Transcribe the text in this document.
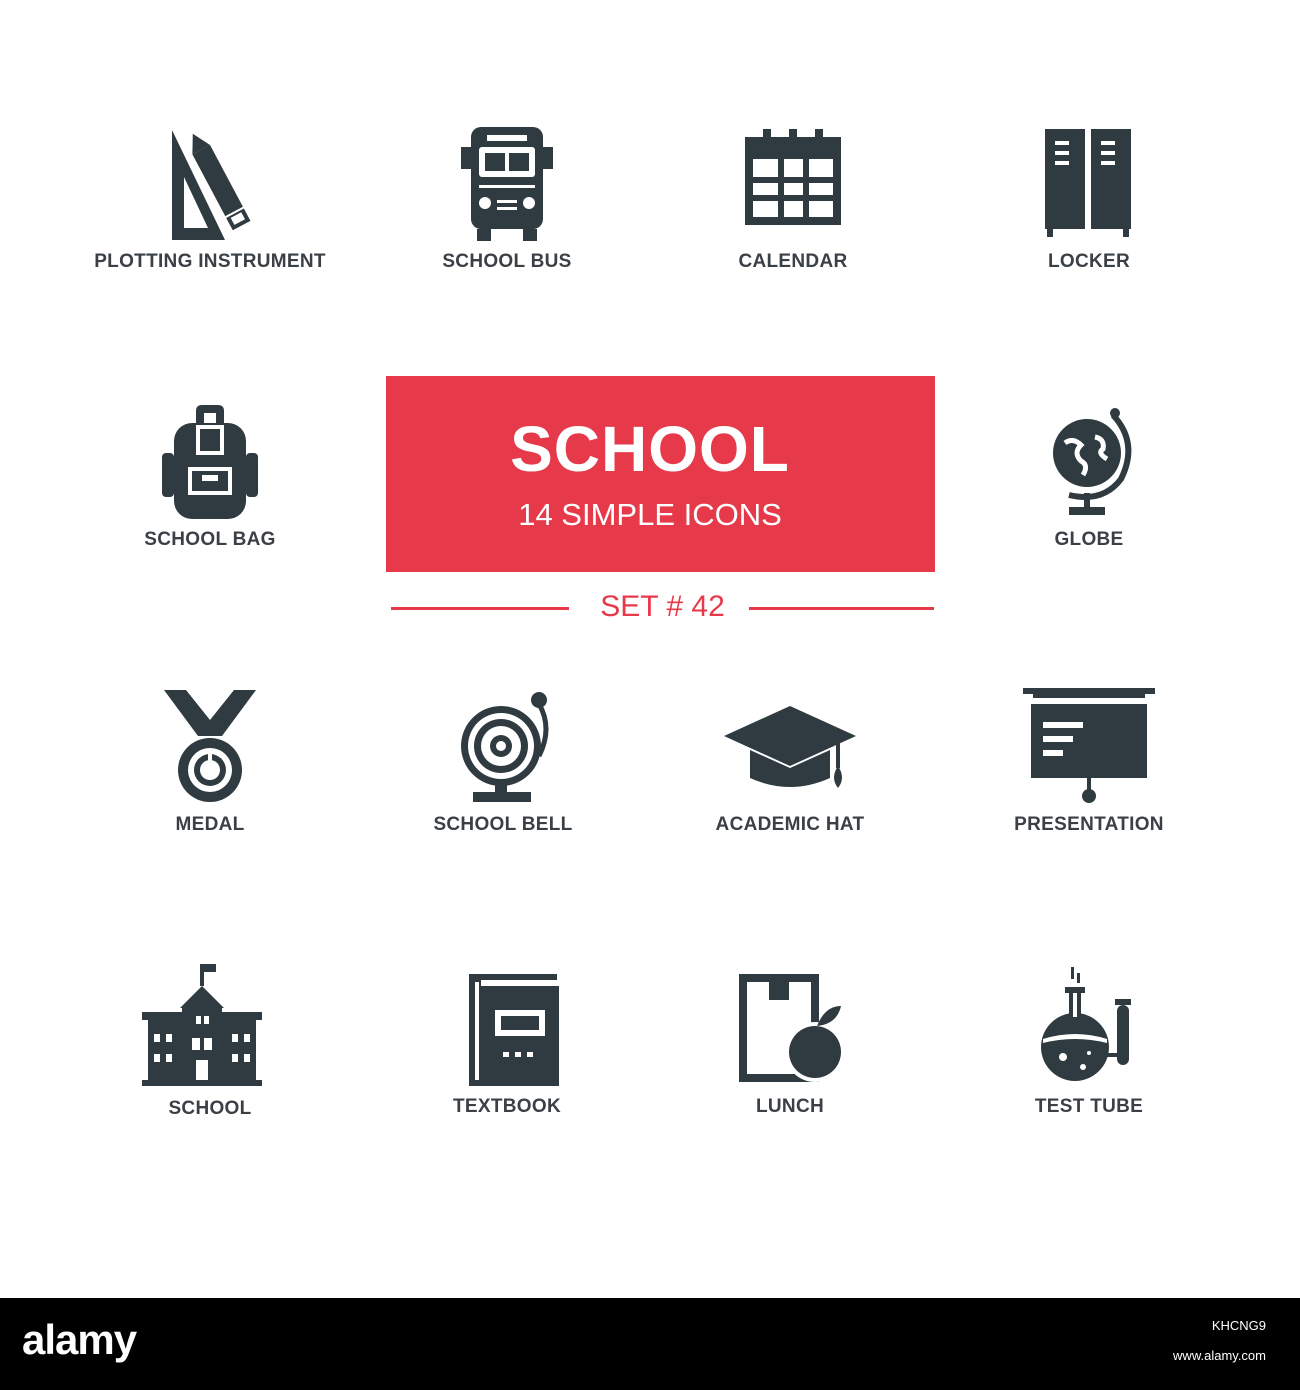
PLOTTING INSTRUMENT	SCHOOL BUS	CALENDAR	LOCKER
SCHOOL BAG	GLOBE
MEDAL	SCHOOL BELL	ACADEMIC HAT	PRESENTATION
SCHOOL	TEXTBOOK	LUNCH	TEST TUBE
SCHOOL
14 SIMPLE ICONS
SET # 42
alamy	KHCNG9
www.alamy.com
